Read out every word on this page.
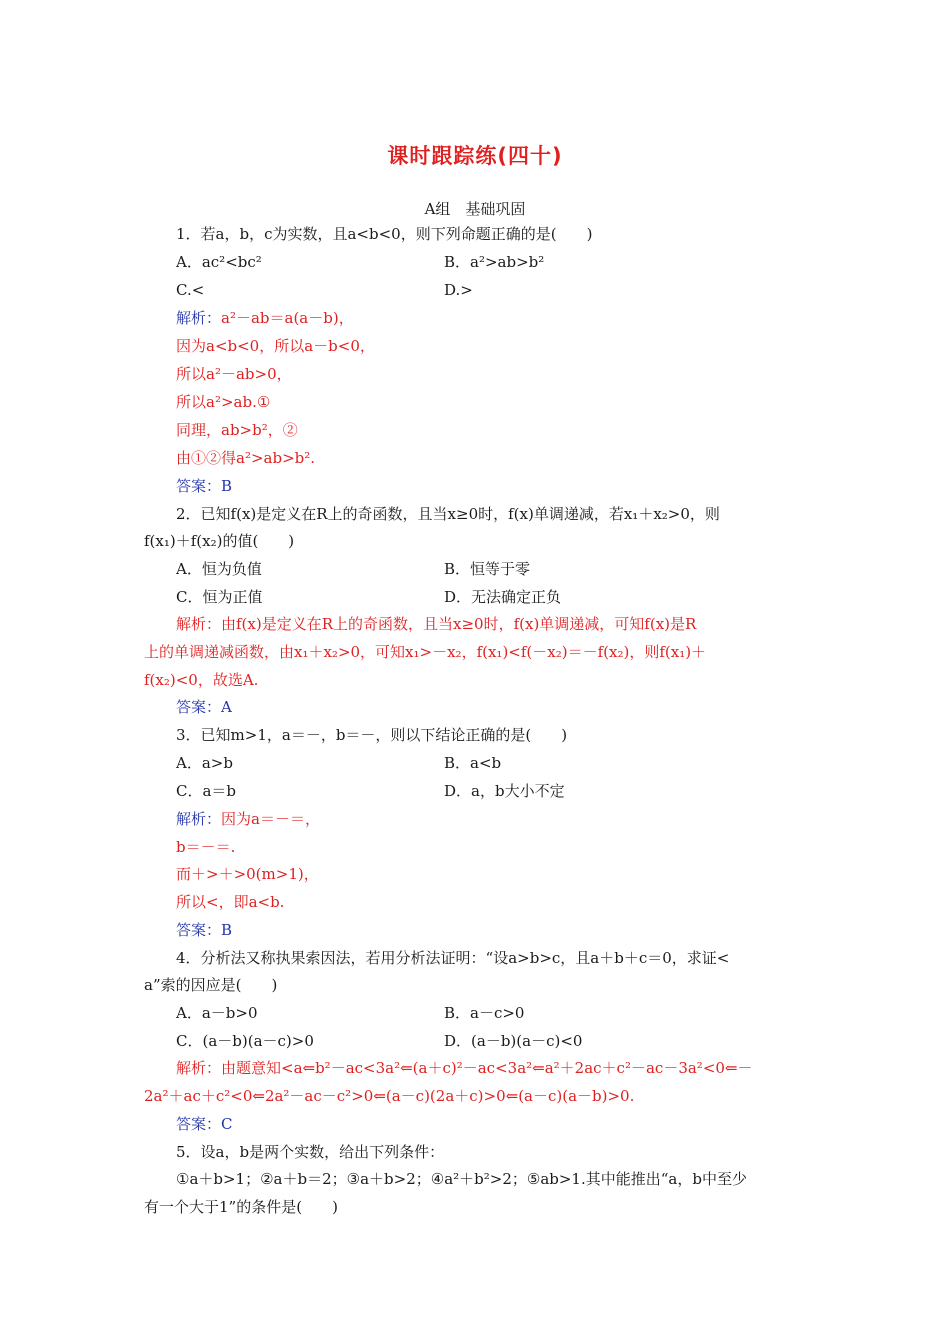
课时跟踪练(四十)
A组　基础巩固
1．若a，b，c为实数，且a<b<0，则下列命题正确的是(　　)
A．ac²<bc²	B．a²>ab>b²
C.<	D.>
解析：a²－ab＝a(a－b)，
因为a<b<0，所以a－b<0，
所以a²－ab>0，
所以a²>ab.①
同理，ab>b²，②
由①②得a²>ab>b².
答案：B
2．已知f(x)是定义在R上的奇函数，且当x≥0时，f(x)单调递减，若x₁＋x₂>0，则
f(x₁)＋f(x₂)的值(　　)
A．恒为负值	B．恒等于零
C．恒为正值	D．无法确定正负
解析：由f(x)是定义在R上的奇函数，且当x≥0时，f(x)单调递减，可知f(x)是R
上的单调递减函数，由x₁＋x₂>0，可知x₁>－x₂，f(x₁)<f(－x₂)＝－f(x₂)，则f(x₁)＋
f(x₂)<0，故选A.
答案：A
3．已知m>1，a＝－，b＝－，则以下结论正确的是(　　)
A．a>b	B．a<b
C．a＝b	D．a，b大小不定
解析：因为a＝－＝，
b＝－＝.
而＋>＋>0(m>1)，
所以<，即a<b.
答案：B
4．分析法又称执果索因法，若用分析法证明：“设a>b>c，且a＋b＋c＝0，求证<
a”索的因应是(　　)
A．a－b>0	B．a－c>0
C．(a－b)(a－c)>0	D．(a－b)(a－c)<0
解析：由题意知<a⇐b²－ac<3a²⇐(a＋c)²－ac<3a²⇐a²＋2ac＋c²－ac－3a²<0⇐－
2a²＋ac＋c²<0⇐2a²－ac－c²>0⇐(a－c)(2a＋c)>0⇐(a－c)(a－b)>0.
答案：C
5．设a，b是两个实数，给出下列条件：
①a＋b>1；②a＋b＝2；③a＋b>2；④a²＋b²>2；⑤ab>1.其中能推出“a，b中至少
有一个大于1”的条件是(　　)
